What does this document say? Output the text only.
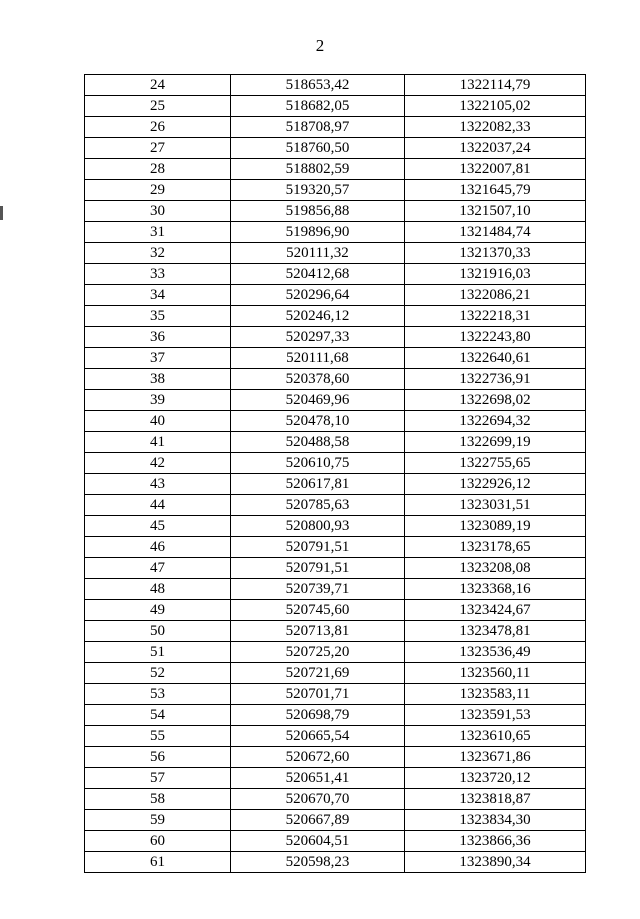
2
24	518653,42	1322114,79
25	518682,05	1322105,02
26	518708,97	1322082,33
27	518760,50	1322037,24
28	518802,59	1322007,81
29	519320,57	1321645,79
30	519856,88	1321507,10
31	519896,90	1321484,74
32	520111,32	1321370,33
33	520412,68	1321916,03
34	520296,64	1322086,21
35	520246,12	1322218,31
36	520297,33	1322243,80
37	520111,68	1322640,61
38	520378,60	1322736,91
39	520469,96	1322698,02
40	520478,10	1322694,32
41	520488,58	1322699,19
42	520610,75	1322755,65
43	520617,81	1322926,12
44	520785,63	1323031,51
45	520800,93	1323089,19
46	520791,51	1323178,65
47	520791,51	1323208,08
48	520739,71	1323368,16
49	520745,60	1323424,67
50	520713,81	1323478,81
51	520725,20	1323536,49
52	520721,69	1323560,11
53	520701,71	1323583,11
54	520698,79	1323591,53
55	520665,54	1323610,65
56	520672,60	1323671,86
57	520651,41	1323720,12
58	520670,70	1323818,87
59	520667,89	1323834,30
60	520604,51	1323866,36
61	520598,23	1323890,34
